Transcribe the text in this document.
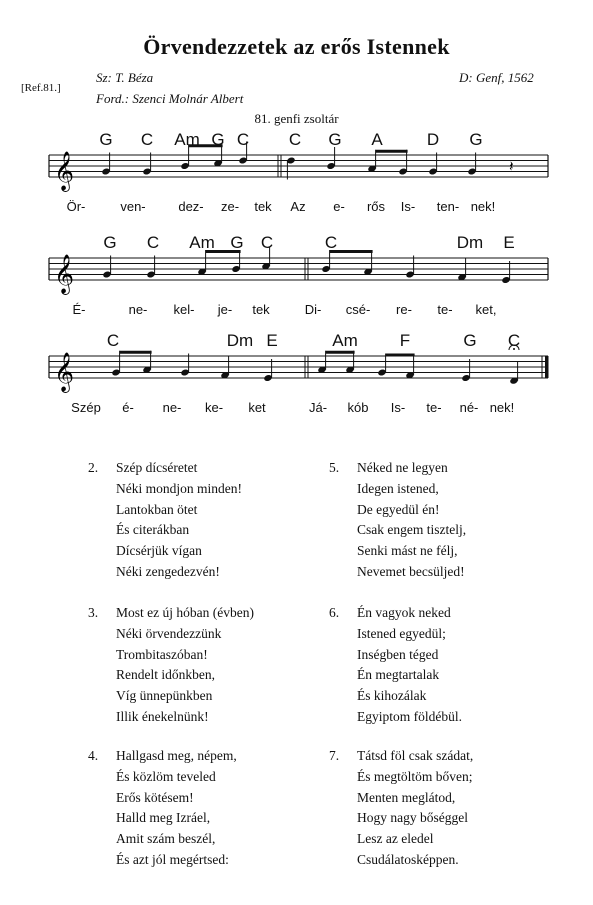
Örvendezzetek az erős Istennek
[Ref.81.]
Sz: T. Béza
Ford.: Szenci Molnár Albert
D: Genf, 1562
81. genfi zsoltár
𝄞	𝄽
G C Am G C C G A	D G
Ör-	ven-	dez- ze- tek Az e- rős Is- ten- nek!
𝄞
G C Am G C	C	Dm E
É-	ne- kel- je- tek	Di- csé- re- te- ket,
𝄞
C	Dm E	Am F	G C
Szép é- ne- ke- ket	Já- kób Is- te- né- nek!
2. Szép dícséretet
Néki mondjon minden!
Lantokban ötet
És citerákban
Dícsérjük vígan
Néki zengedezvén!
3. Most ez új hóban (évben)
Néki örvendezzünk
Trombitaszóban!
Rendelt időnkben,
Víg ünnepünkben
Illik énekelnünk!
4. Hallgasd meg, népem,
És közlöm teveled
Erős kötésem!
Halld meg Izráel,
Amit szám beszél,
És azt jól megértsed:
5. Néked ne legyen
Idegen istened,
De egyedül én!
Csak engem tisztelj,
Senki mást ne félj,
Nevemet becsüljed!
6. Én vagyok neked
Istened egyedül;
Inségben téged
Én megtartalak
És kihozálak
Egyiptom földébül.
7. Tátsd föl csak szádat,
És megtöltöm bőven;
Menten meglátod,
Hogy nagy bőséggel
Lesz az eledel
Csudálatosképpen.
